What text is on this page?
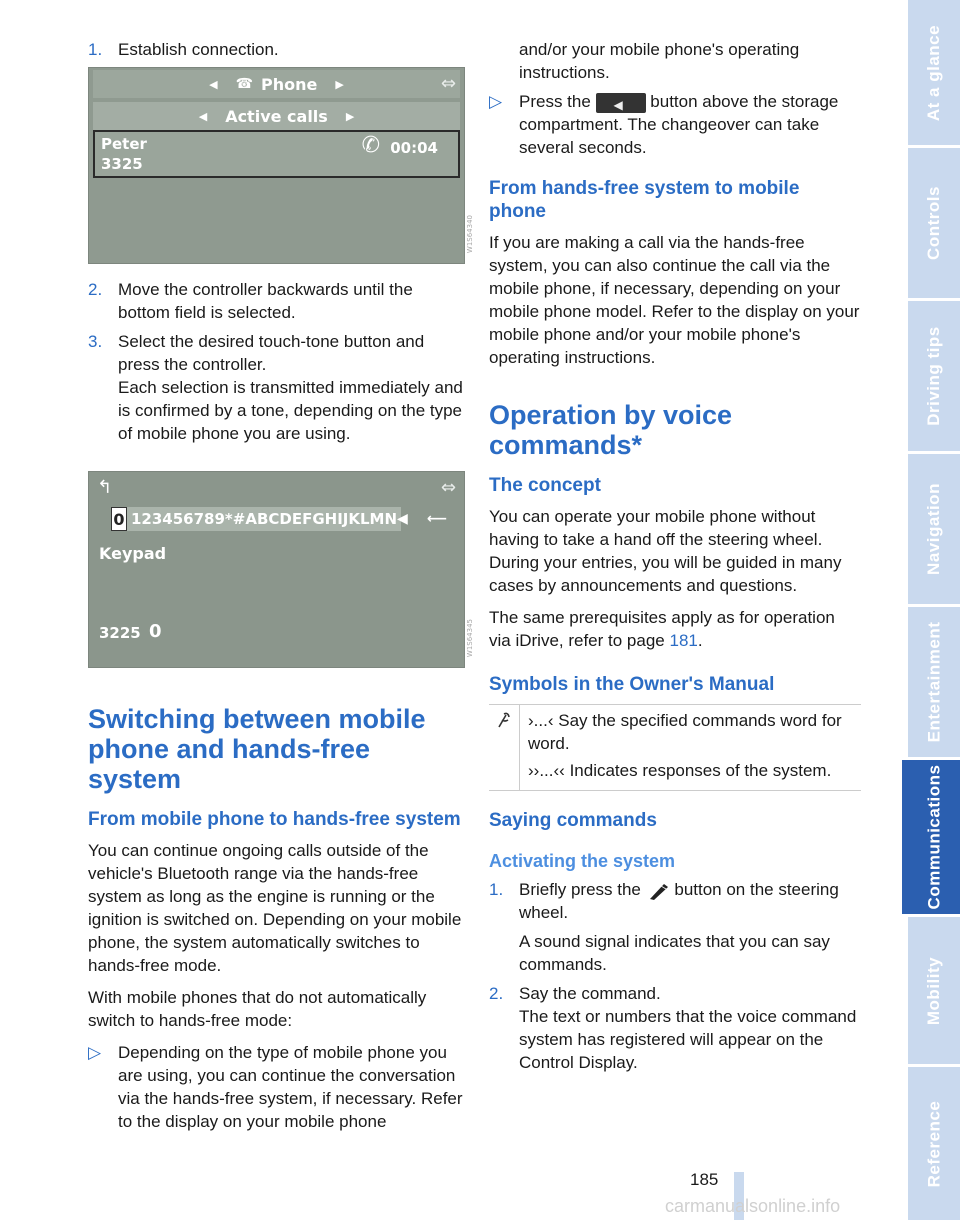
At a glance
Controls
Driving tips
Navigation
Entertainment
Communications
Mobility
Reference
1. Establish connection.
◀ ☎ Phone ▶	⇔
◀ Active calls ▶
Peter
3325
✆ 00:04
W1S64340
2. Move the controller backwards until the bottom field is selected.
3. Select the desired touch-tone button and press the controller.
Each selection is transmitted immediately and is confirmed by a tone, depending on the type of mobile phone you are using.
↰	⇔
0 123456789*#ABCDEFGHIJKLMN ◀ ⟵
Keypad
3225 0	W1S64345
Switching between mobile phone and hands-free system
From mobile phone to hands-free system

You can continue ongoing calls outside of the vehicle's Bluetooth range via the hands-free system as long as the engine is running or the ignition is switched on. Depending on your mobile phone, the system automatically switches to hands-free mode.

With mobile phones that do not automatically switch to hands-free mode:

▷ Depending on the type of mobile phone you are using, you can continue the conversation via the hands-free system, if necessary. Refer to the display on your mobile phone
and/or your mobile phone's operating instructions.
▷ Press the ◀	button above the storage compartment. The changeover can take several seconds.
From hands-free system to mobile phone

If you are making a call via the hands-free system, you can also continue the call via the mobile phone, if necessary, depending on your mobile phone model. Refer to the display on your mobile phone and/or your mobile phone's operating instructions.

Operation by voice commands*
The concept

You can operate your mobile phone without having to take a hand off the steering wheel. During your entries, you will be guided in many cases by announcements and questions.

The same prerequisites apply as for operation via iDrive, refer to page 181.

Symbols in the Owner's Manual
›...‹ Say the specified commands word for word.
››...‹‹ Indicates responses of the system.
Saying commands
Activating the system
1. Briefly press the button on the steering wheel.
A sound signal indicates that you can say commands.
2. Say the command.
The text or numbers that the voice command system has registered will appear on the Control Display.
185
carmanualsonline.info
